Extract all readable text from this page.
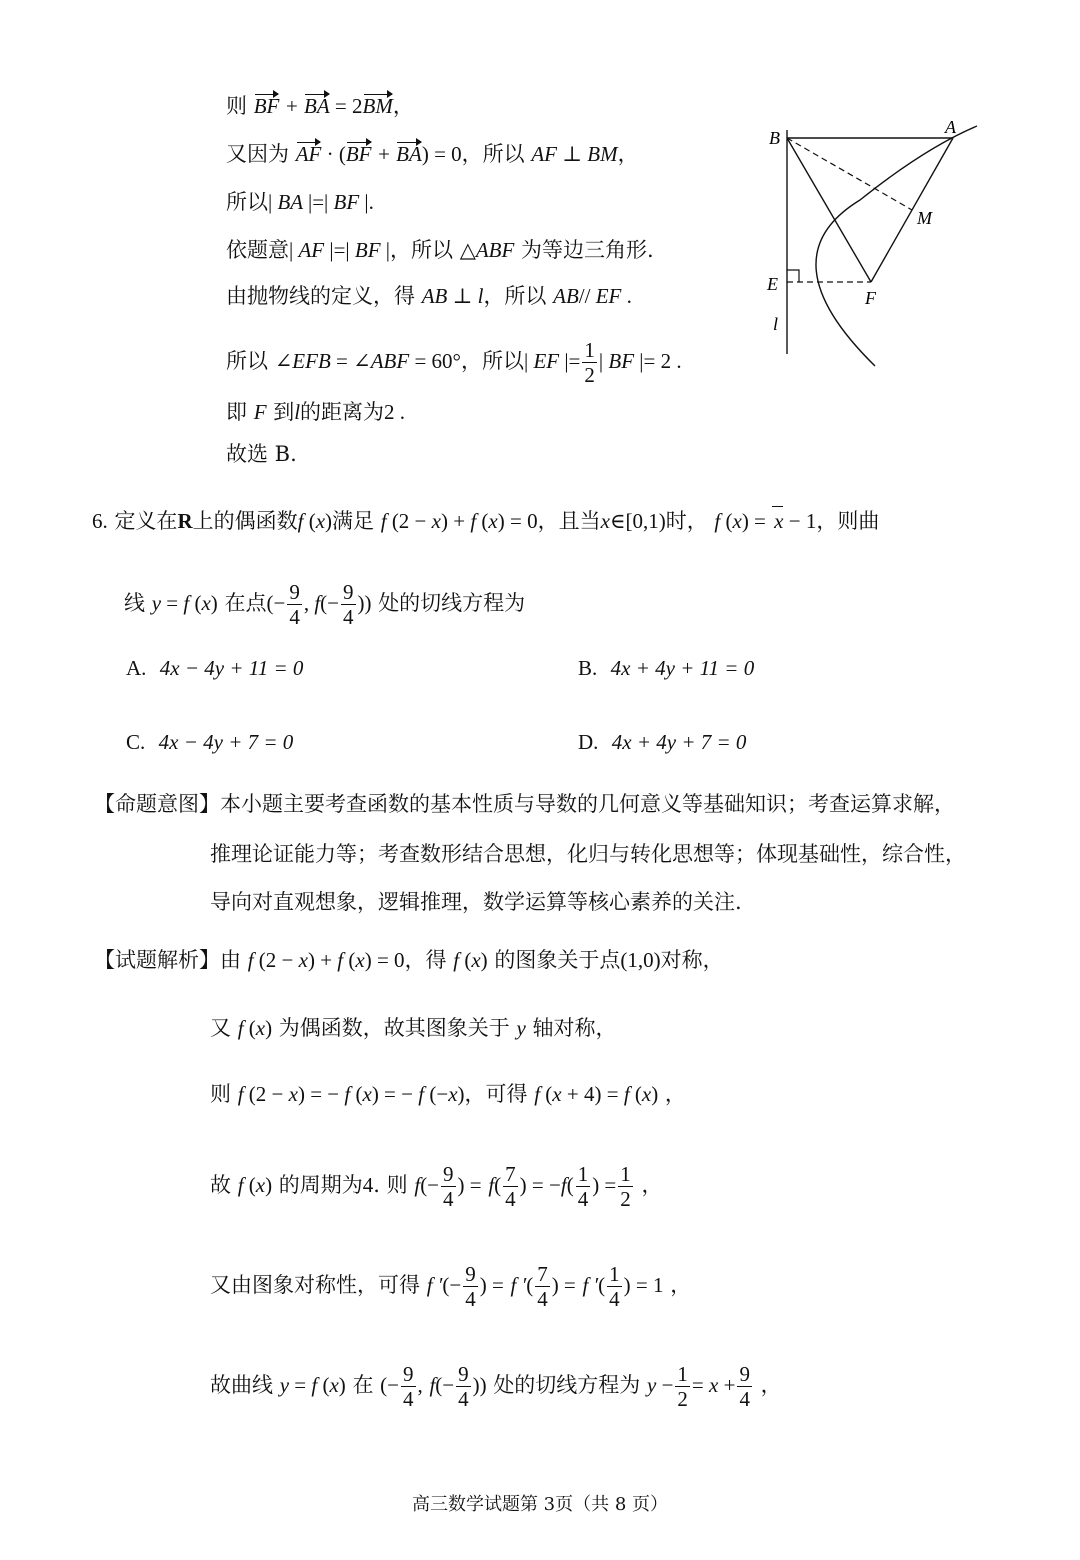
则 BF + BA = 2BM，
又因为 AF · (BF + BA) = 0，所以 AF ⊥ BM，
所以| BA |=| BF |.
依题意| AF |=| BF |，所以 △ABF 为等边三角形.
由抛物线的定义，得 AB ⊥ l，所以 AB// EF .
所以 ∠EFB = ∠ABF = 60°，所以| EF |= $\frac{1}{2}$ | BF |= 2 .
即 F 到l的距离为2 .
故选 B.
B
A
M
E
F
l
6. 定义在R上的偶函数f (x)满足 f (2 − x) + f (x) = 0，且当x∈[0,1)时， f (x) = x − 1，则曲
线 y = f (x) 在点(− $\frac{9}{4}$ , $f(- \frac{9}{4}$ )) 处的切线方程为
A. 4x − 4y + 11 = 0	B. 4x + 4y + 11 = 0
C. 4x − 4y + 7 = 0	D. 4x + 4y + 7 = 0
【命题意图】本小题主要考查函数的基本性质与导数的几何意义等基础知识；考查运算求解，
推理论证能力等；考查数形结合思想，化归与转化思想等；体现基础性，综合性，
导向对直观想象，逻辑推理，数学运算等核心素养的关注.
【试题解析】由 f (2 − x) + f (x) = 0，得 f (x) 的图象关于点(1,0)对称，
又 f (x) 为偶函数，故其图象关于 y 轴对称，
则 f (2 − x) = − f (x) = − f (−x)，可得 f (x + 4) = f (x) ，
故 f (x) 的周期为4. 则 $f(- \frac{9}{4}$ ) = $f( \frac{7}{4}$ ) = $-f( \frac{1}{4}$ ) = $\frac{1}{2}$ ，
又由图象对称性，可得 f ′(− $\frac{9}{4}$ ) = f ′( $\frac{7}{4}$ ) = f ′( $\frac{1}{4}$ ) = 1 ，
故曲线 y = f (x) 在 (− $\frac{9}{4}$ , $f(- \frac{9}{4}$ )) 处的切线方程为 $y - \frac{1}{2} = x + \frac{9}{4}$ ，
高三数学试题第 3页（共 8 页）
